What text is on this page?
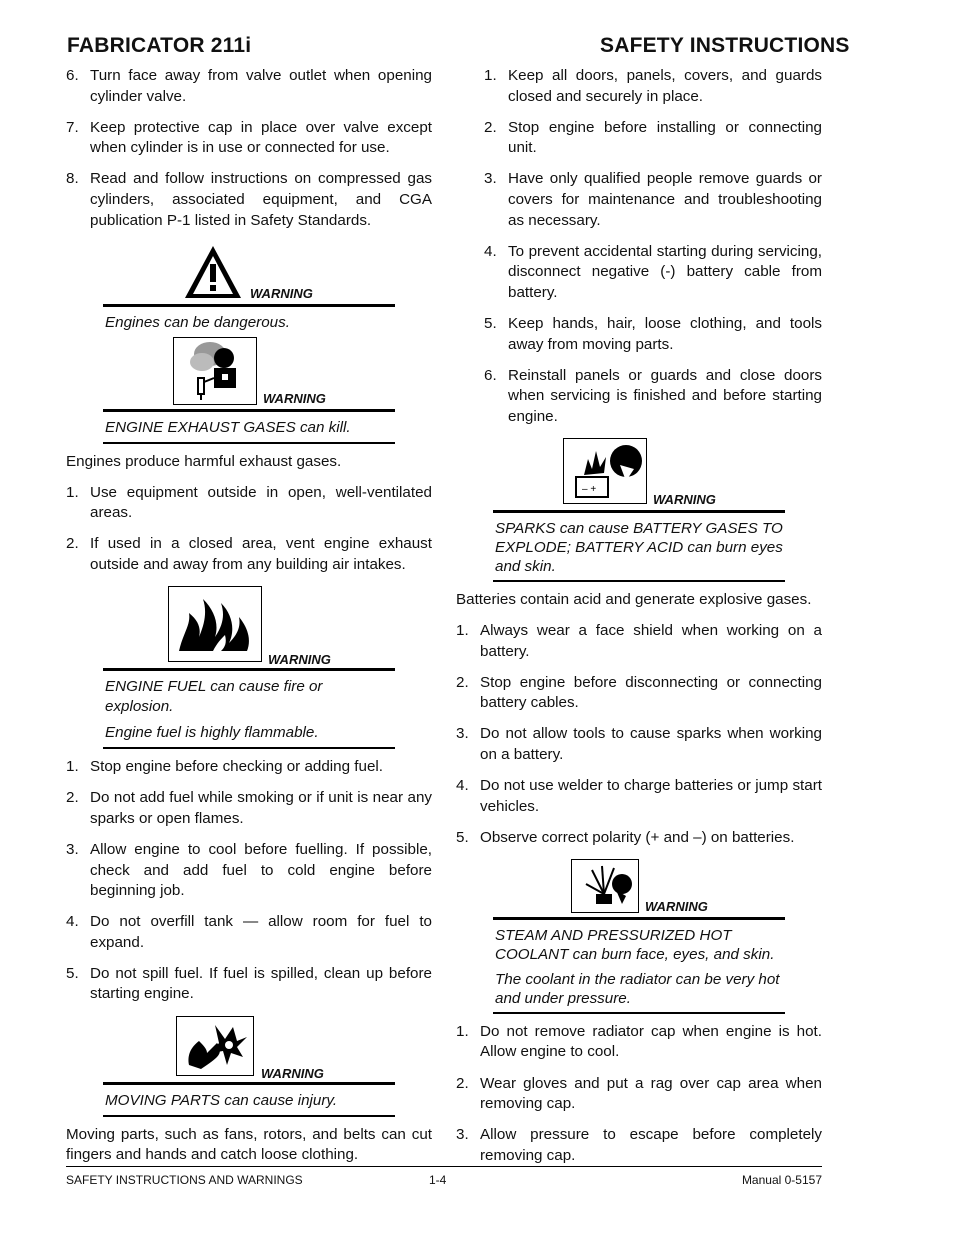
FABRICATOR 211i	SAFETY INSTRUCTIONS
6. Turn face away from valve outlet when opening cylinder valve.
7. Keep protective cap in place over valve except when cylinder is in use or connected for use.
8. Read and follow instructions on compressed gas cylinders, associated equipment, and CGA publication P-1 listed in Safety Standards.
WARNING
Engines can be dangerous.
WARNING
ENGINE EXHAUST GASES can kill.
Engines produce harmful exhaust gases.
1. Use equipment outside in open, well-ventilated areas.
2. If used in a closed area, vent engine exhaust outside and away from any building air intakes.
WARNING
ENGINE FUEL can cause fire or explosion.
Engine fuel is highly flammable.
1. Stop engine before checking or adding fuel.
2. Do not add fuel while smoking or if unit is near any sparks or open flames.
3. Allow engine to cool before fuelling. If possible, check and add fuel to cold engine before beginning job.
4. Do not overfill tank — allow room for fuel to expand.
5. Do not spill fuel. If fuel is spilled, clean up before starting engine.
WARNING
MOVING PARTS can cause injury.
Moving parts, such as fans, rotors, and belts can cut fingers and hands and catch loose clothing.
1. Keep all doors, panels, covers, and guards closed and securely in place.
2. Stop engine before installing or connecting unit.
3. Have only qualified people remove guards or covers for maintenance and troubleshooting as necessary.
4. To prevent accidental starting during servicing, disconnect negative (-) battery cable from battery.
5. Keep hands, hair, loose clothing, and tools away from moving parts.
6. Reinstall panels or guards and close doors when servicing is finished and before starting engine.
– +
WARNING
SPARKS can cause BATTERY GASES TO EXPLODE; BATTERY ACID can burn eyes and skin.
Batteries contain acid and generate explosive gases.
1. Always wear a face shield when working on a battery.
2. Stop engine before disconnecting or connecting battery cables.
3. Do not allow tools to cause sparks when working on a battery.
4. Do not use welder to charge batteries or jump start vehicles.
5. Observe correct polarity (+ and –) on batteries.
WARNING
STEAM AND PRESSURIZED HOT COOLANT can burn face, eyes, and skin.
The coolant in the radiator can be very hot and under pressure.
1. Do not remove radiator cap when engine is hot. Allow engine to cool.
2. Wear gloves and put a rag over cap area when removing cap.
3. Allow pressure to escape before completely removing cap.
SAFETY INSTRUCTIONS AND WARNINGS	1-4	Manual 0-5157
